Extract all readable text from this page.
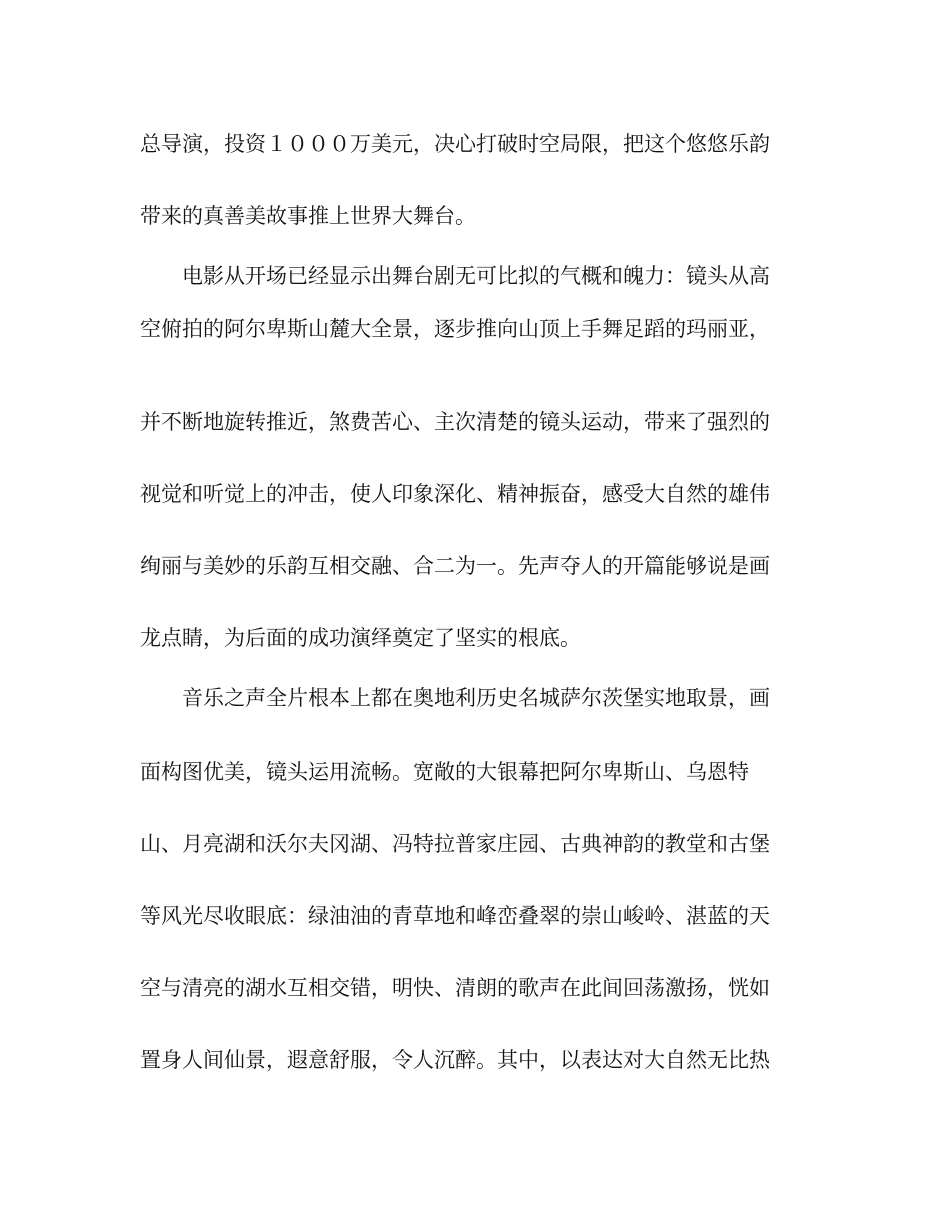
总导演，投资１０００万美元，决心打破时空局限，把这个悠悠乐韵
带来的真善美故事推上世界大舞台。
电影从开场已经显示出舞台剧无可比拟的气概和魄力：镜头从高
空俯拍的阿尔卑斯山麓大全景，逐步推向山顶上手舞足蹈的玛丽亚，
并不断地旋转推近，煞费苦心、主次清楚的镜头运动，带来了强烈的
视觉和听觉上的冲击，使人印象深化、精神振奋，感受大自然的雄伟
绚丽与美妙的乐韵互相交融、合二为一。先声夺人的开篇能够说是画
龙点睛，为后面的成功演绎奠定了坚实的根底。
音乐之声全片根本上都在奥地利历史名城萨尔茨堡实地取景，画
面构图优美，镜头运用流畅。宽敞的大银幕把阿尔卑斯山、乌恩特
山、月亮湖和沃尔夫冈湖、冯特拉普家庄园、古典神韵的教堂和古堡
等风光尽收眼底：绿油油的青草地和峰峦叠翠的崇山峻岭、湛蓝的天
空与清亮的湖水互相交错，明快、清朗的歌声在此间回荡激扬，恍如
置身人间仙景，遐意舒服，令人沉醉。其中，以表达对大自然无比热
